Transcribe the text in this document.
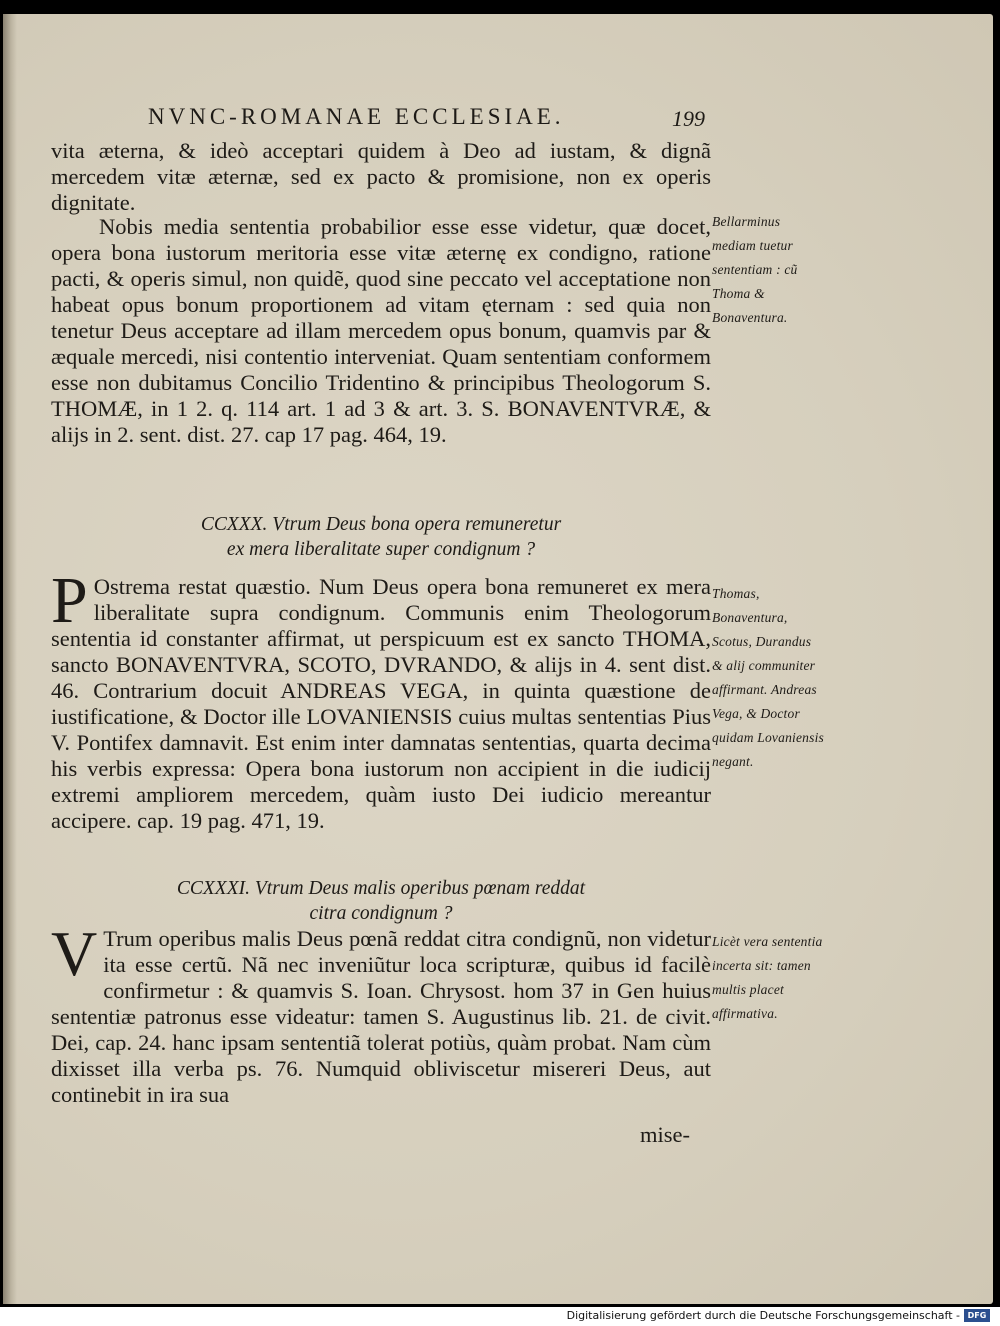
NVNC-ROMANAE ECCLESIAE.	199

vita æterna, & ideò acceptari quidem à Deo ad iustam, & dignã mercedem vitæ æternæ, sed ex pacto & promisione, non ex operis dignitate.

Nobis media sententia probabilior esse esse videtur, quæ docet, opera bona iustorum meritoria esse vitæ æternę ex condigno, ratione pacti, & operis simul, non quidẽ, quod sine peccato vel acceptatione non habeat opus bonum proportionem ad vitam ęternam : sed quia non tenetur Deus acceptare ad illam mercedem opus bonum, quamvis par & æquale mercedi, nisi contentio interveniat. Quam sententiam conformem esse non dubitamus Concilio Tridentino & principibus Theologorum S. THOMÆ, in 1 2. q. 114 art. 1 ad 3 & art. 3. S. BONAVENTVRÆ, & alijs in 2. sent. dist. 27. cap 17 pag. 464, 19.

CCXXX. Vtrum Deus bona opera remuneretur
ex mera liberalitate super condignum ?
P Ostrema restat quæstio. Num Deus opera bona remuneret ex mera liberalitate supra condignum. Communis enim Theologorum sententia id constanter affirmat, ut perspicuum est ex sancto THOMA, sancto BONAVENTVRA, SCOTO, DVRANDO, & alijs in 4. sent dist. 46. Contrarium docuit ANDREAS VEGA, in quinta quæstione de iustificatione, & Doctor ille LOVANIENSIS cuius multas sententias Pius V. Pontifex damnavit. Est enim inter damnatas sententias, quarta decima his verbis expressa: Opera bona iustorum non accipient in die iudicij extremi ampliorem mercedem, quàm iusto Dei iudicio mereantur accipere. cap. 19 pag. 471, 19.

CCXXXI. Vtrum Deus malis operibus pœnam reddat
citra condignum ?
V Trum operibus malis Deus pœnã reddat citra condignũ, non videtur ita esse certũ. Nã nec inveniũtur loca scripturæ, quibus id facilè confirmetur : & quamvis S. Ioan. Chrysost. hom 37 in Gen huius sententiæ patronus esse videatur: tamen S. Augustinus lib. 21. de civit. Dei, cap. 24. hanc ipsam sententiã tolerat potiùs, quàm probat. Nam cùm dixisset illa verba ps. 76. Numquid obliviscetur misereri Deus, aut continebit in ira sua

mise-
Bellarminus mediam tuetur sententiam : cũ Thoma & Bonaventura.
Thomas, Bonaventura, Scotus, Durandus & alij communiter affirmant. Andreas Vega, & Doctor quidam Lovaniensis negant.
Licèt vera sententia incerta sit: tamen multis placet affirmativa.
Digitalisierung gefördert durch die Deutsche Forschungsgemeinschaft - DFG
